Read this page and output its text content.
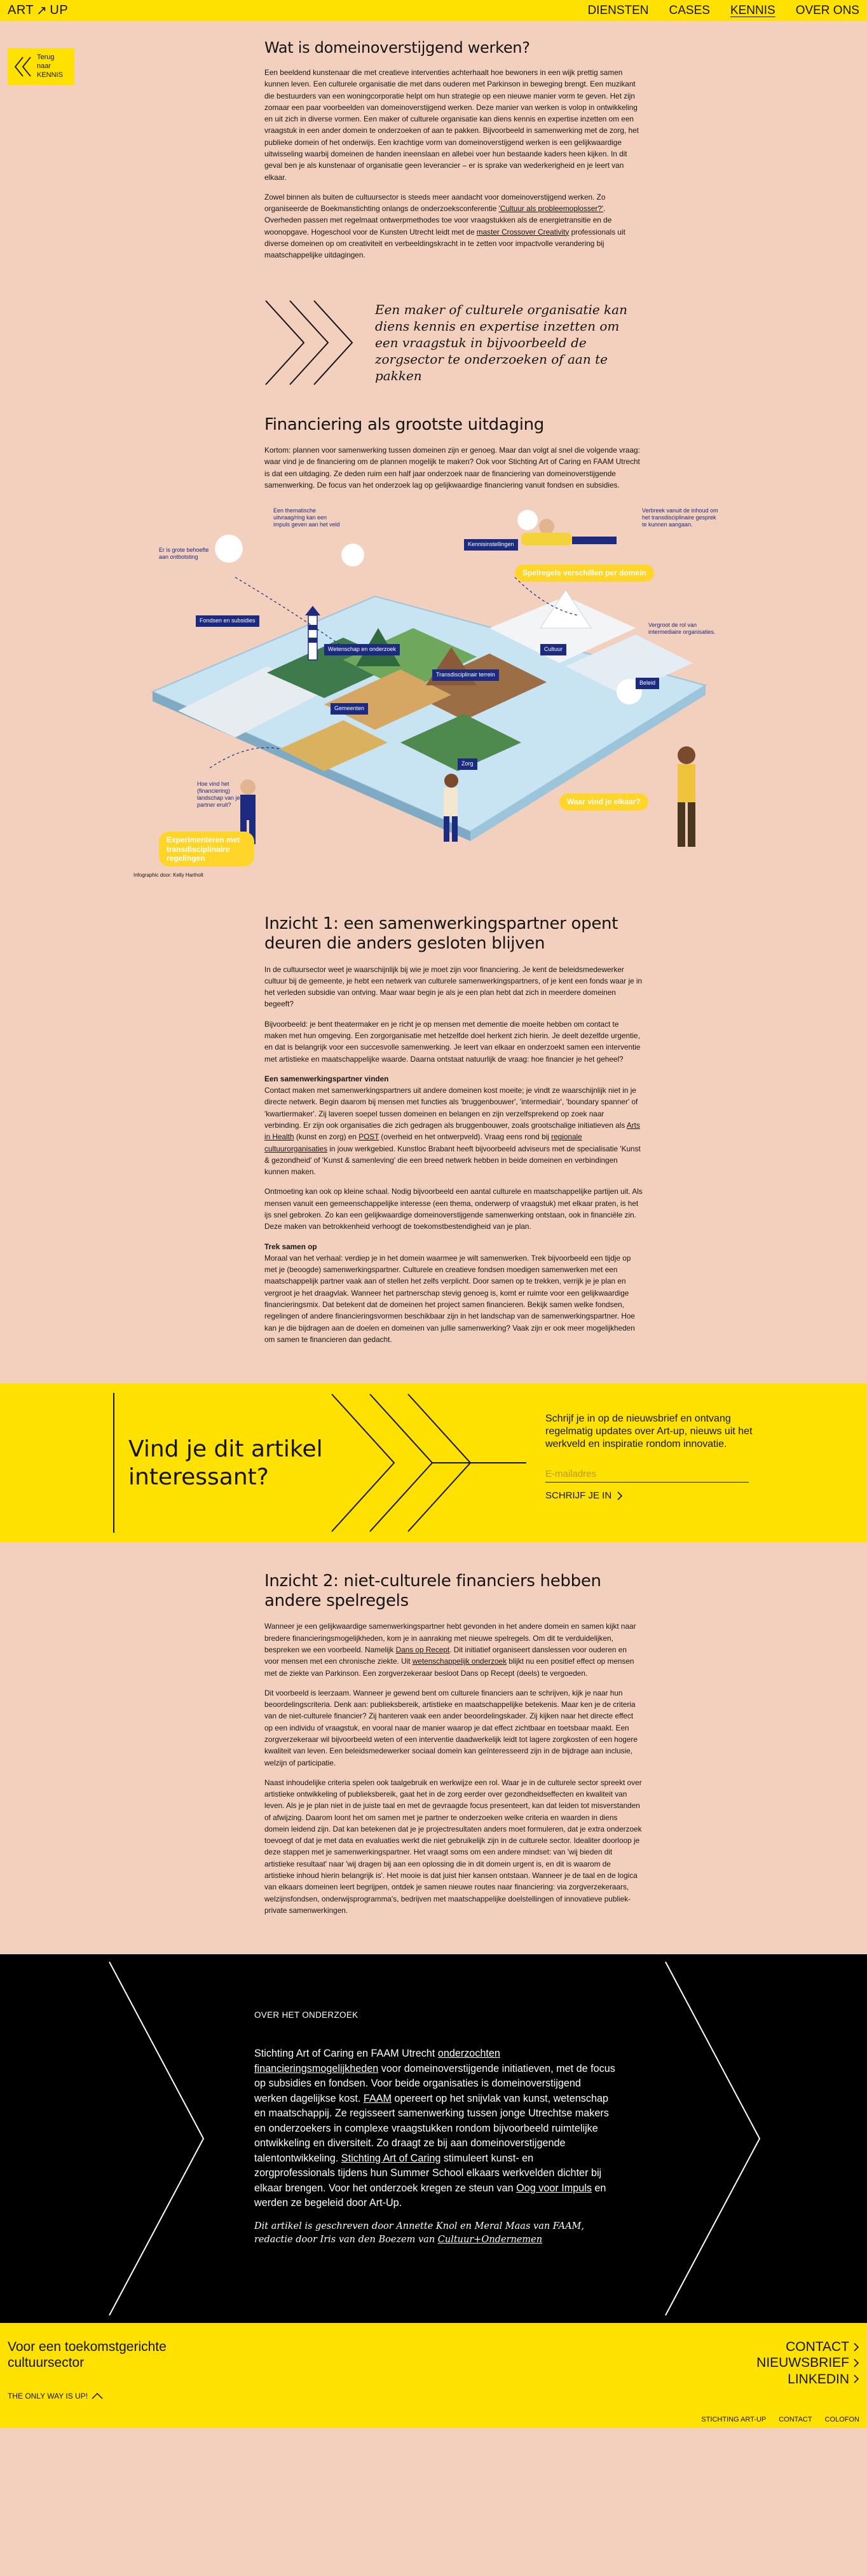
ART ↗ UP	DIENSTEN CASES KENNIS OVER ONS
Terug naar
KENNIS
Wat is domeinoverstijgend werken?

Een beeldend kunstenaar die met creatieve interventies achterhaalt hoe bewoners in een wijk prettig samen kunnen leven. Een culturele organisatie die met dans ouderen met Parkinson in beweging brengt. Een muzikant die bestuurders van een woningcorporatie helpt om hun strategie op een nieuwe manier vorm te geven. Het zijn zomaar een paar voorbeelden van domeinoverstijgend werken. Deze manier van werken is volop in ontwikkeling en uit zich in diverse vormen. Een maker of culturele organisatie kan diens kennis en expertise inzetten om een vraagstuk in een ander domein te onderzoeken of aan te pakken. Bijvoorbeeld in samenwerking met de zorg, het publieke domein of het onderwijs. Een krachtige vorm van domeinoverstijgend werken is een gelijkwaardige uitwisseling waarbij domeinen de handen ineenslaan en allebei voer hun bestaande kaders heen kijken. In dit geval ben je als kunstenaar of organisatie geen leverancier – er is sprake van wederkerigheid en je leert van elkaar.

Zowel binnen als buiten de cultuursector is steeds meer aandacht voor domeinoverstijgend werken. Zo organiseerde de Boekmanstichting onlangs de onderzoeksconferentie 'Cultuur als probleemoplosser?'. Overheden passen met regelmaat ontwerpmethodes toe voor vraagstukken als de energietransitie en de woonopgave. Hogeschool voor de Kunsten Utrecht leidt met de master Crossover Creativity professionals uit diverse domeinen op om creativiteit en verbeeldingskracht in te zetten voor impactvolle verandering bij maatschappelijke uitdagingen.

Een maker of culturele organisatie kan diens kennis en expertise inzetten om een vraagstuk in bijvoorbeeld de zorgsector te onderzoeken of aan te pakken
Financiering als grootste uitdaging

Kortom: plannen voor samenwerking tussen domeinen zijn er genoeg. Maar dan volgt al snel die volgende vraag: waar vind je de financiering om de plannen mogelijk te maken? Ook voor Stichting Art of Caring en FAAM Utrecht is dat een uitdaging. Ze deden ruim een half jaar onderzoek naar de financiering van domeinoverstijgende samenwerking. De focus van het onderzoek lag op gelijkwaardige financiering vanuit fondsen en subsidies.

Een thematische uitvraag/ring kan een impuls geven aan het veld
Er is grote behoefte aan ontbotsting
Hoe vind het (financiering) landschap van je partner eruit?
Verbreek vanuit de inhoud om het transdisciplinaire gesprek te kunnen aangaan.
Vergroot de rol van intermediaire organisaties.
Fondsen en subsidies
Kennisinstellingen
Wetenschap en onderzoek
Transdisciplinair terrein
Gemeenten
Zorg
Cultuur
Beleid
Spelregels verschillen per domein
Experimenteren met transdisciplinaire regelingen
Waar vind je elkaar?
Infographic door: Kelly Hartholt
Inzicht 1: een samenwerkingspartner opent deuren die anders gesloten blijven

In de cultuursector weet je waarschijnlijk bij wie je moet zijn voor financiering. Je kent de beleidsmedewerker cultuur bij de gemeente, je hebt een netwerk van culturele samenwerkingspartners, of je kent een fonds waar je in het verleden subsidie van ontving. Maar waar begin je als je een plan hebt dat zich in meerdere domeinen begeeft?

Bijvoorbeeld: je bent theatermaker en je richt je op mensen met dementie die moeite hebben om contact te maken met hun omgeving. Een zorgorganisatie met hetzelfde doel herkent zich hierin. Je deelt dezelfde urgentie, en dat is belangrijk voor een succesvolle samenwerking. Je leert van elkaar en onderzoekt samen een interventie met artistieke en maatschappelijke waarde. Daarna ontstaat natuurlijk de vraag: hoe financier je het geheel?

Een samenwerkingspartner vinden
Contact maken met samenwerkingspartners uit andere domeinen kost moeite; je vindt ze waarschijnlijk niet in je directe netwerk. Begin daarom bij mensen met functies als 'bruggenbouwer', 'intermediair', 'boundary spanner' of 'kwartiermaker'. Zij laveren soepel tussen domeinen en belangen en zijn verzelfsprekend op zoek naar verbinding. Er zijn ook organisaties die zich gedragen als bruggenbouwer, zoals grootschalige initiatieven als Arts in Health (kunst en zorg) en POST (overheid en het ontwerpveld). Vraag eens rond bij regionale cultuurorganisaties in jouw werkgebied. Kunstloc Brabant heeft bijvoorbeeld adviseurs met de specialisatie 'Kunst & gezondheid' of 'Kunst & samenleving' die een breed netwerk hebben in beide domeinen en verbindingen kunnen maken.

Ontmoeting kan ook op kleine schaal. Nodig bijvoorbeeld een aantal culturele en maatschappelijke partijen uit. Als mensen vanuit een gemeenschappelijke interesse (een thema, onderwerp of vraagstuk) met elkaar praten, is het ijs snel gebroken. Zo kan een gelijkwaardige domeinoverstijgende samenwerking ontstaan, ook in financiële zin. Deze maken van betrokkenheid verhoogt de toekomstbestendigheid van je plan.

Trek samen op
Moraal van het verhaal: verdiep je in het domein waarmee je wilt samenwerken. Trek bijvoorbeeld een tijdje op met je (beoogde) samenwerkingspartner. Culturele en creatieve fondsen moedigen samenwerken met een maatschappelijk partner vaak aan of stellen het zelfs verplicht. Door samen op te trekken, verrijk je je plan en vergroot je het draagvlak. Wanneer het partnerschap stevig genoeg is, komt er ruimte voor een gelijkwaardige financieringsmix. Dat betekent dat de domeinen het project samen financieren. Bekijk samen welke fondsen, regelingen of andere financieringsvormen beschikbaar zijn in het landschap van de samenwerkingspartner. Hoe kan je die bijdragen aan de doelen en domeinen van jullie samenwerking? Vaak zijn er ook meer mogelijkheden om samen te financieren dan gedacht.

Vind je dit artikel
interessant?
Schrijf je in op de nieuwsbrief en ontvang regelmatig updates over Art-up, nieuws uit het werkveld en inspiratie rondom innovatie.
E-mailadres
SCHRIJF JE IN
Inzicht 2: niet-culturele financiers hebben andere spelregels

Wanneer je een gelijkwaardige samenwerkingspartner hebt gevonden in het andere domein en samen kijkt naar bredere financieringsmogelijkheden, kom je in aanraking met nieuwe spelregels. Om dit te verduidelijken, bespreken we een voorbeeld. Namelijk Dans op Recept. Dit initiatief organiseert danslessen voor ouderen en voor mensen met een chronische ziekte. Uit wetenschappelijk onderzoek blijkt nu een positief effect op mensen met de ziekte van Parkinson. Een zorgverzekeraar besloot Dans op Recept (deels) te vergoeden.

Dit voorbeeld is leerzaam. Wanneer je gewend bent om culturele financiers aan te schrijven, kijk je naar hun beoordelingscriteria. Denk aan: publieksbereik, artistieke en maatschappelijke betekenis. Maar ken je de criteria van de niet-culturele financier? Zij hanteren vaak een ander beoordelingskader. Zij kijken naar het directe effect op een individu of vraagstuk, en vooral naar de manier waarop je dat effect zichtbaar en toetsbaar maakt. Een zorgverzekeraar wil bijvoorbeeld weten of een interventie daadwerkelijk leidt tot lagere zorgkosten of een hogere kwaliteit van leven. Een beleidsmedewerker sociaal domein kan geïnteresseerd zijn in de bijdrage aan inclusie, welzijn of participatie.

Naast inhoudelijke criteria spelen ook taalgebruik en werkwijze een rol. Waar je in de culturele sector spreekt over artistieke ontwikkeling of publieksbereik, gaat het in de zorg eerder over gezondheidseffecten en kwaliteit van leven. Als je je plan niet in de juiste taal en met de gevraagde focus presenteert, kan dat leiden tot misverstanden of afwijzing. Daarom loont het om samen met je partner te onderzoeken welke criteria en waarden in diens domein leidend zijn. Dat kan betekenen dat je je projectresultaten anders moet formuleren, dat je extra onderzoek toevoegt of dat je met data en evaluaties werkt die niet gebruikelijk zijn in de culturele sector. Idealiter doorloop je deze stappen met je samenwerkingspartner. Het vraagt soms om een andere mindset: van 'wij bieden dit artistieke resultaat' naar 'wij dragen bij aan een oplossing die in dit domein urgent is, en dit is waarom de artistieke inhoud hierin belangrijk is'. Het mooie is dat juist hier kansen ontstaan. Wanneer je de taal en de logica van elkaars domeinen leert begrijpen, ontdek je samen nieuwe routes naar financiering: via zorgverzekeraars, welzijnsfondsen, onderwijsprogramma's, bedrijven met maatschappelijke doelstellingen of innovatieve publiek-private samenwerkingen.

OVER HET ONDERZOEK

Stichting Art of Caring en FAAM Utrecht onderzochten financieringsmogelijkheden voor domeinoverstijgende initiatieven, met de focus op subsidies en fondsen. Voor beide organisaties is domeinoverstijgend werken dagelijkse kost. FAAM opereert op het snijvlak van kunst, wetenschap en maatschappij. Ze regisseert samenwerking tussen jonge Utrechtse makers en onderzoekers in complexe vraagstukken rondom bijvoorbeeld ruimtelijke ontwikkeling en diversiteit. Zo draagt ze bij aan domeinoverstijgende talentontwikkeling. Stichting Art of Caring stimuleert kunst- en zorgprofessionals tijdens hun Summer School elkaars werkvelden dichter bij elkaar brengen. Voor het onderzoek kregen ze steun van Oog voor Impuls en werden ze begeleid door Art-Up.

Dit artikel is geschreven door Annette Knol en Meral Maas van FAAM, redactie door Iris van den Boezem van Cultuur+Ondernemen

Voor een toekomstgerichte
cultuursector
CONTACT
NIEUWSBRIEF
LINKEDIN
THE ONLY WAY IS UP!
STICHTING ART-UP CONTACT COLOFON
